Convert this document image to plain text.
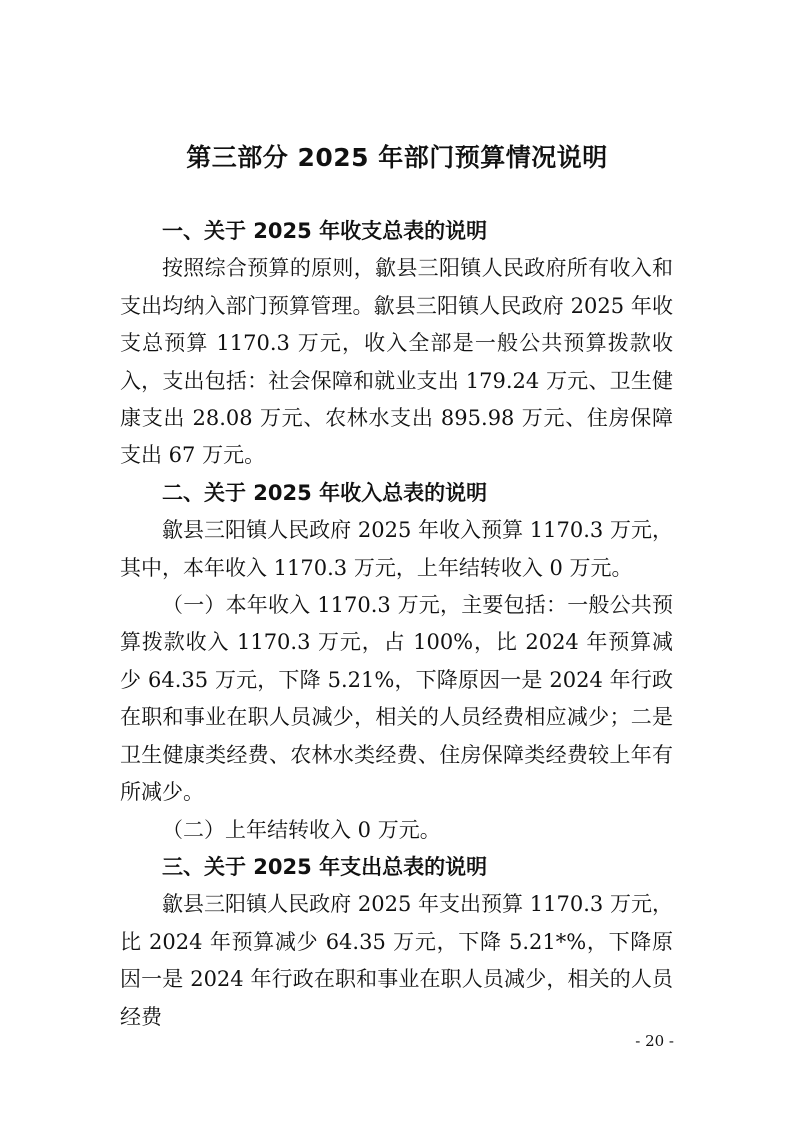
第三部分 2025 年部门预算情况说明

一、关于 2025 年收支总表的说明

按照综合预算的原则，歙县三阳镇人民政府所有收入和支出均纳入部门预算管理。歙县三阳镇人民政府 2025 年收支总预算 1170.3 万元，收入全部是一般公共预算拨款收入，支出包括：社会保障和就业支出 179.24 万元、卫生健康支出 28.08 万元、农林水支出 895.98 万元、住房保障支出 67 万元。

二、关于 2025 年收入总表的说明

歙县三阳镇人民政府 2025 年收入预算 1170.3 万元，其中，本年收入 1170.3 万元，上年结转收入 0 万元。

（一）本年收入 1170.3 万元，主要包括：一般公共预算拨款收入 1170.3 万元，占 100%，比 2024 年预算减少 64.35 万元，下降 5.21%，下降原因一是 2024 年行政在职和事业在职人员减少，相关的人员经费相应减少；二是卫生健康类经费、农林水类经费、住房保障类经费较上年有所减少。

（二）上年结转收入 0 万元。

三、关于 2025 年支出总表的说明

歙县三阳镇人民政府 2025 年支出预算 1170.3 万元，比 2024 年预算减少 64.35 万元，下降 5.21*%，下降原因一是 2024 年行政在职和事业在职人员减少，相关的人员经费

- 20 -
